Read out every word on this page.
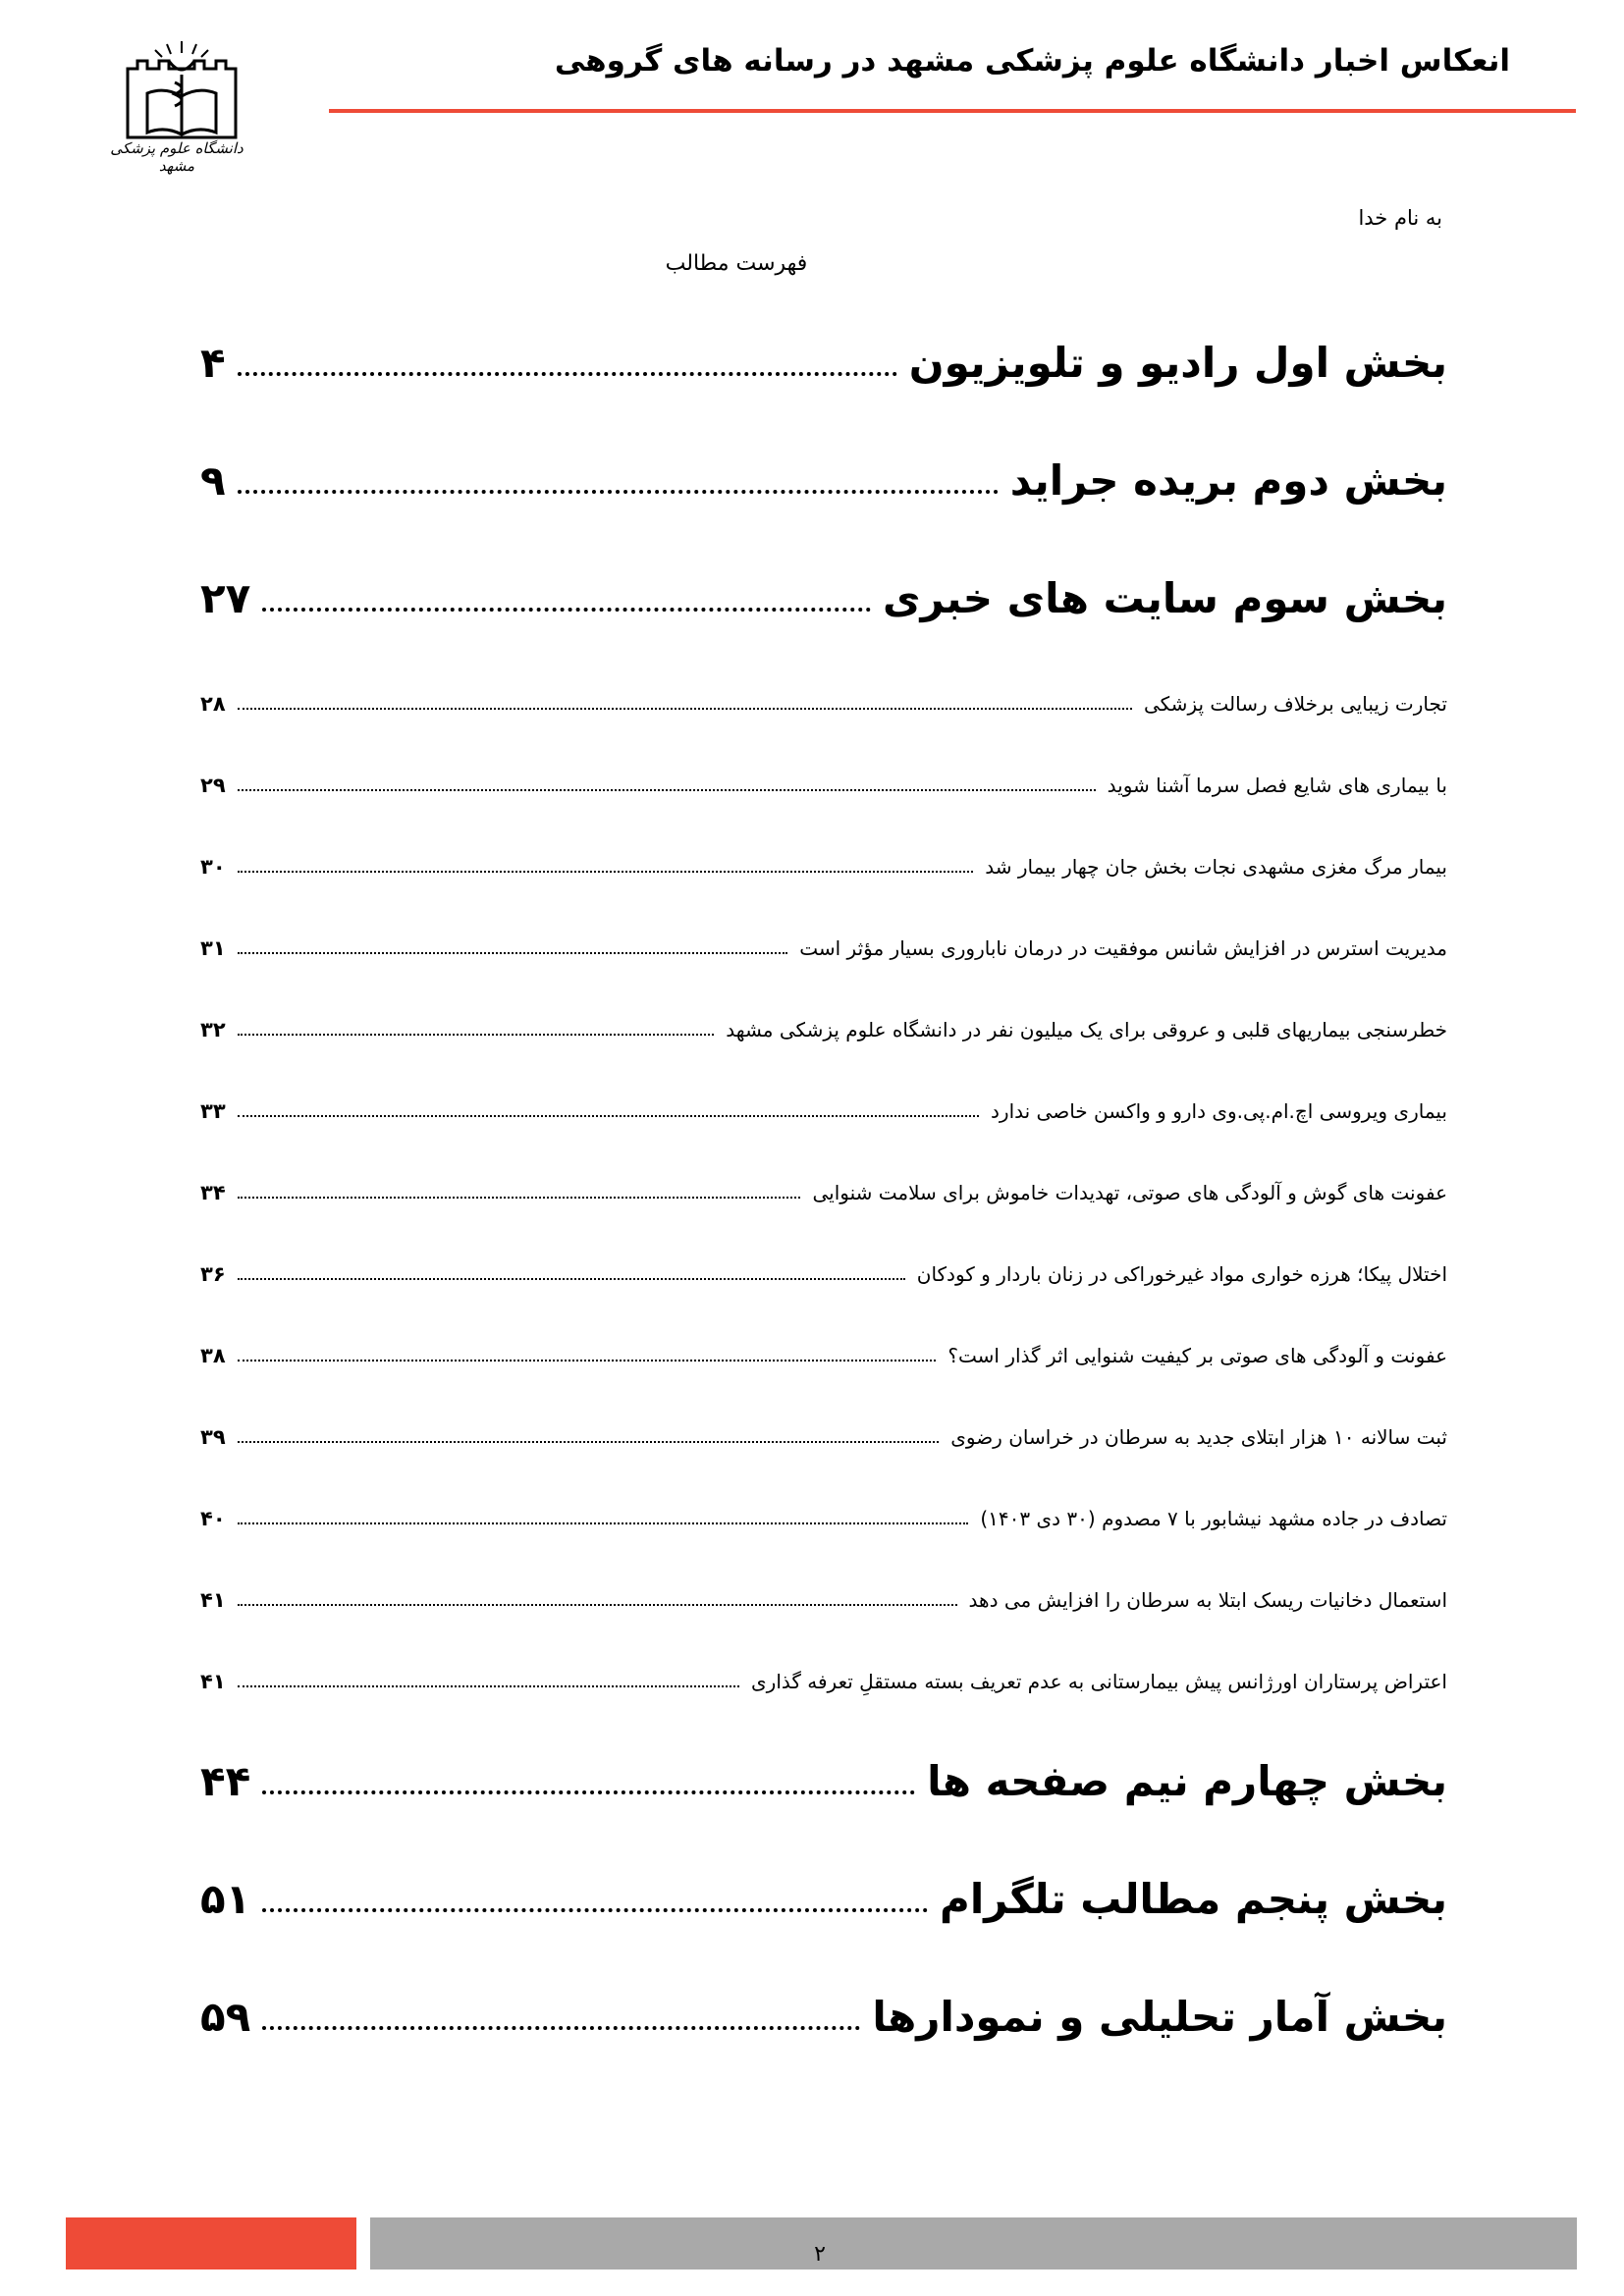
دانشگاه علوم پزشکی مشهد
انعکاس اخبار دانشگاه علوم پزشکی مشهد در رسانه های گروهی
به نام خدا
فهرست مطالب
بخش اول رادیو و تلویزیون
۴
بخش دوم بریده جراید
۹
بخش سوم سایت های خبری
۲۷
تجارت زیبایی برخلاف رسالت پزشکی
۲۸
با بیماری های شایع فصل سرما آشنا شوید
۲۹
بیمار مرگ مغزی مشهدی نجات بخش جان چهار بیمار شد
۳۰
مدیریت استرس در افزایش شانس موفقیت در درمان ناباروری بسیار مؤثر است
۳۱
خطرسنجی بیماریهای قلبی و عروقی برای یک میلیون نفر در دانشگاه علوم پزشکی مشهد
۳۲
بیماری ویروسی اچ.ام.پی.وی دارو و واکسن خاصی ندارد
۳۳
عفونت های گوش و آلودگی های صوتی، تهدیدات خاموش برای سلامت شنوایی
۳۴
اختلال پیکا؛ هرزه خواری مواد غیرخوراکی در زنان باردار و کودکان
۳۶
عفونت و آلودگی های صوتی بر کیفیت شنوایی اثر گذار است؟
۳۸
ثبت سالانه ۱۰ هزار ابتلای جدید به سرطان در خراسان رضوی
۳۹
تصادف در جاده مشهد نیشابور با ۷ مصدوم (۳۰ دی ۱۴۰۳)
۴۰
استعمال دخانیات ریسک ابتلا به سرطان را افزایش می دهد
۴۱
اعتراض پرستاران اورژانس پیش بیمارستانی به عدم تعریف بسته مستقلِ تعرفه گذاری
۴۱
بخش چهارم نیم صفحه ها
۴۴
بخش پنجم مطالب تلگرام
۵۱
بخش آمار تحلیلی و نمودارها
۵۹
۲
